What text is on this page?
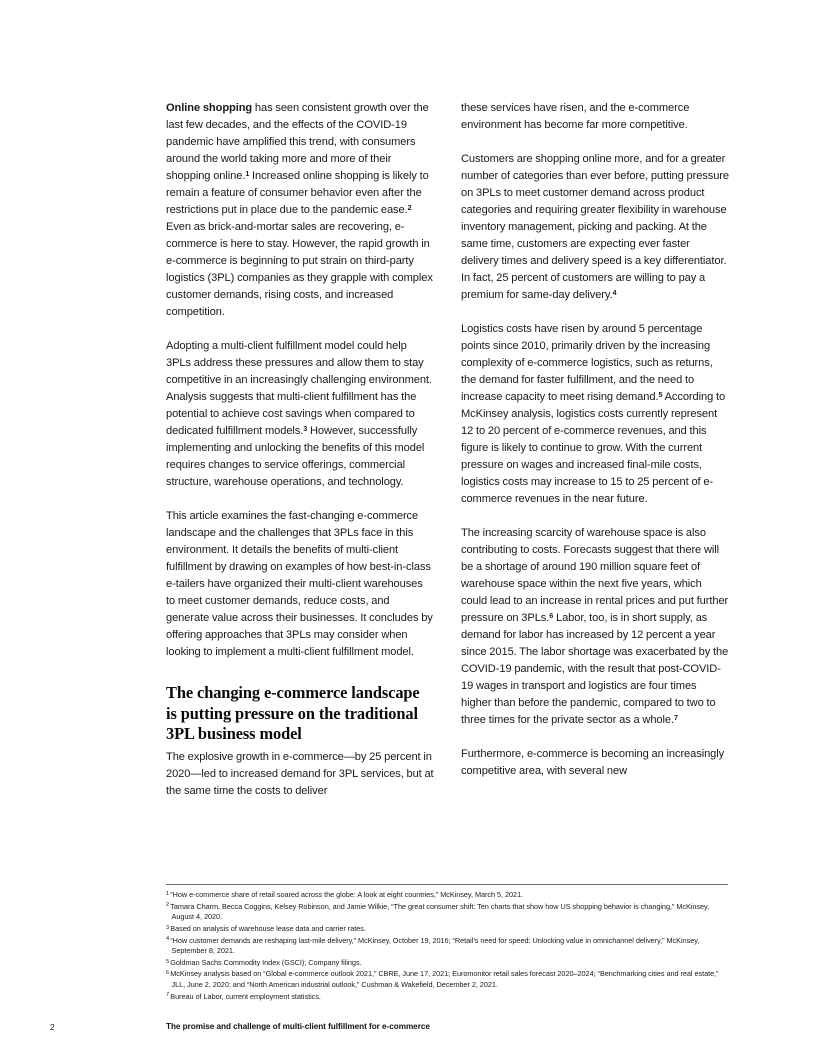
Online shopping has seen consistent growth over the last few decades, and the effects of the COVID-19 pandemic have amplified this trend, with consumers around the world taking more and more of their shopping online.$^1$ Increased online shopping is likely to remain a feature of consumer behavior even after the restrictions put in place due to the pandemic ease.$^2$ Even as brick-and-mortar sales are recovering, e-commerce is here to stay. However, the rapid growth in e-commerce is beginning to put strain on third-party logistics (3PL) companies as they grapple with complex customer demands, rising costs, and increased competition.

Adopting a multi-client fulfillment model could help 3PLs address these pressures and allow them to stay competitive in an increasingly challenging environment. Analysis suggests that multi-client fulfillment has the potential to achieve cost savings when compared to dedicated fulfillment models.$^3$ However, successfully implementing and unlocking the benefits of this model requires changes to service offerings, commercial structure, warehouse operations, and technology.

This article examines the fast-changing e-commerce landscape and the challenges that 3PLs face in this environment. It details the benefits of multi-client fulfillment by drawing on examples of how best-in-class e-tailers have organized their multi-client warehouses to meet customer demands, reduce costs, and generate value across their businesses. It concludes by offering approaches that 3PLs may consider when looking to implement a multi-client fulfillment model.

The changing e-commerce landscape is putting pressure on the traditional 3PL business model

The explosive growth in e-commerce—by 25 percent in 2020—led to increased demand for 3PL services, but at the same time the costs to deliver

these services have risen, and the e-commerce environment has become far more competitive.

Customers are shopping online more, and for a greater number of categories than ever before, putting pressure on 3PLs to meet customer demand across product categories and requiring greater flexibility in warehouse inventory management, picking and packing. At the same time, customers are expecting ever faster delivery times and delivery speed is a key differentiator. In fact, 25 percent of customers are willing to pay a premium for same-day delivery.$^4$

Logistics costs have risen by around 5 percentage points since 2010, primarily driven by the increasing complexity of e-commerce logistics, such as returns, the demand for faster fulfillment, and the need to increase capacity to meet rising demand.$^5$ According to McKinsey analysis, logistics costs currently represent 12 to 20 percent of e-commerce revenues, and this figure is likely to continue to grow. With the current pressure on wages and increased final-mile costs, logistics costs may increase to 15 to 25 percent of e-commerce revenues in the near future.

The increasing scarcity of warehouse space is also contributing to costs. Forecasts suggest that there will be a shortage of around 190 million square feet of warehouse space within the next five years, which could lead to an increase in rental prices and put further pressure on 3PLs.$^6$ Labor, too, is in short supply, as demand for labor has increased by 12 percent a year since 2015. The labor shortage was exacerbated by the COVID-19 pandemic, with the result that post-COVID-19 wages in transport and logistics are four times higher than before the pandemic, compared to two to three times for the private sector as a whole.$^7$

Furthermore, e-commerce is becoming an increasingly competitive area, with several new

$^1$“How e-commerce share of retail soared across the globe: A look at eight countries,” McKinsey, March 5, 2021.

$^2$Tamara Charm, Becca Coggins, Kelsey Robinson, and Jamie Wilkie, “The great consumer shift: Ten charts that show how US shopping behavior is changing,” McKinsey, August 4, 2020.

$^3$Based on analysis of warehouse lease data and carrier rates.

$^4$“How customer demands are reshaping last-mile delivery,” McKinsey, October 19, 2016; “Retail’s need for speed: Unlocking value in omnichannel delivery,” McKinsey, September 8, 2021.

$^5$Goldman Sachs Commodity Index (GSCI); Company filings.

$^6$McKinsey analysis based on “Global e-commerce outlook 2021,” CBRE, June 17, 2021; Euromonitor retail sales forecast 2020–2024; “Benchmarking cities and real estate,” JLL, June 2, 2020; and “North American industrial outlook,” Cushman & Wakefield, December 2, 2021.

$^7$Bureau of Labor, current employment statistics.

2	The promise and challenge of multi-client fulfillment for e-commerce
